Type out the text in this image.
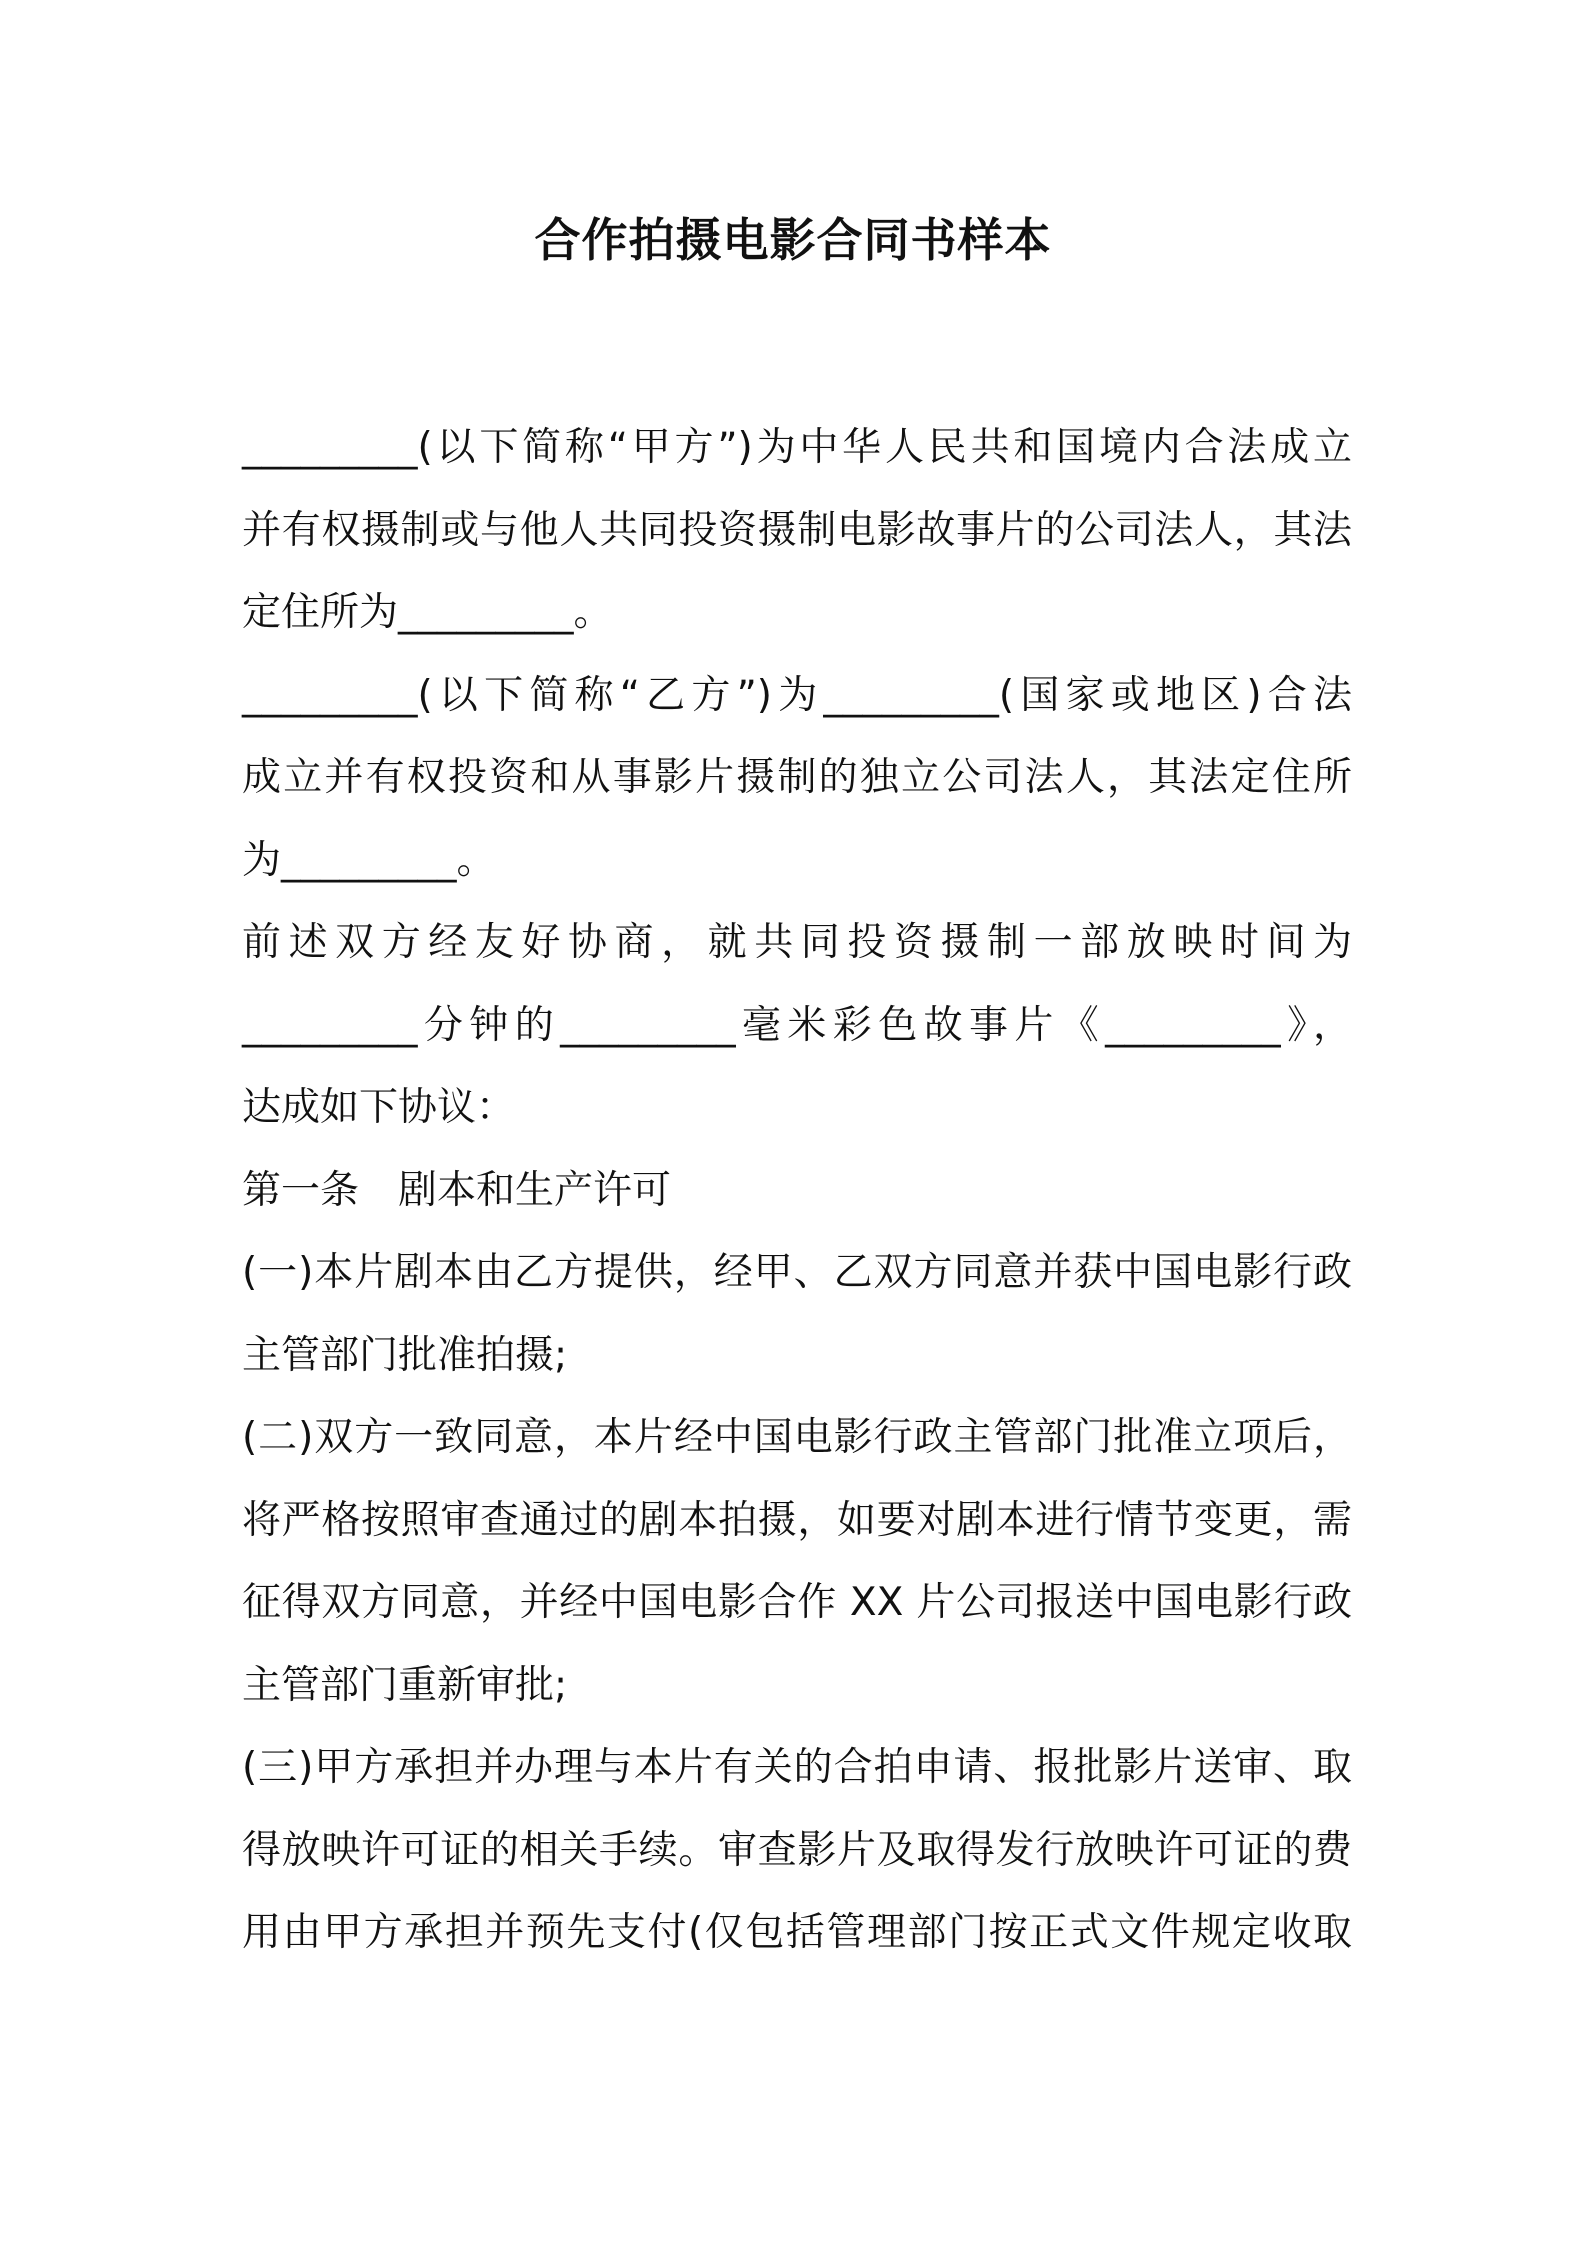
合作拍摄电影合同书样本
_________(以下简称“甲方”)为中华人民共和国境内合法成立
并有权摄制或与他人共同投资摄制电影故事片的公司法人，其法
定住所为_________。
_________(以下简称“乙方”)为_________(国家或地区)合法
成立并有权投资和从事影片摄制的独立公司法人，其法定住所
为_________。
前述双方经友好协商，就共同投资摄制一部放映时间为
_________分钟的_________毫米彩色故事片《_________》，
达成如下协议：
第一条　剧本和生产许可
(一)本片剧本由乙方提供，经甲、乙双方同意并获中国电影行政
主管部门批准拍摄;
(二)双方一致同意，本片经中国电影行政主管部门批准立项后，
将严格按照审查通过的剧本拍摄，如要对剧本进行情节变更，需
征得双方同意，并经中国电影合作 XX 片公司报送中国电影行政
主管部门重新审批;
(三)甲方承担并办理与本片有关的合拍申请、报批影片送审、取
得放映许可证的相关手续。审查影片及取得发行放映许可证的费
用由甲方承担并预先支付(仅包括管理部门按正式文件规定收取
